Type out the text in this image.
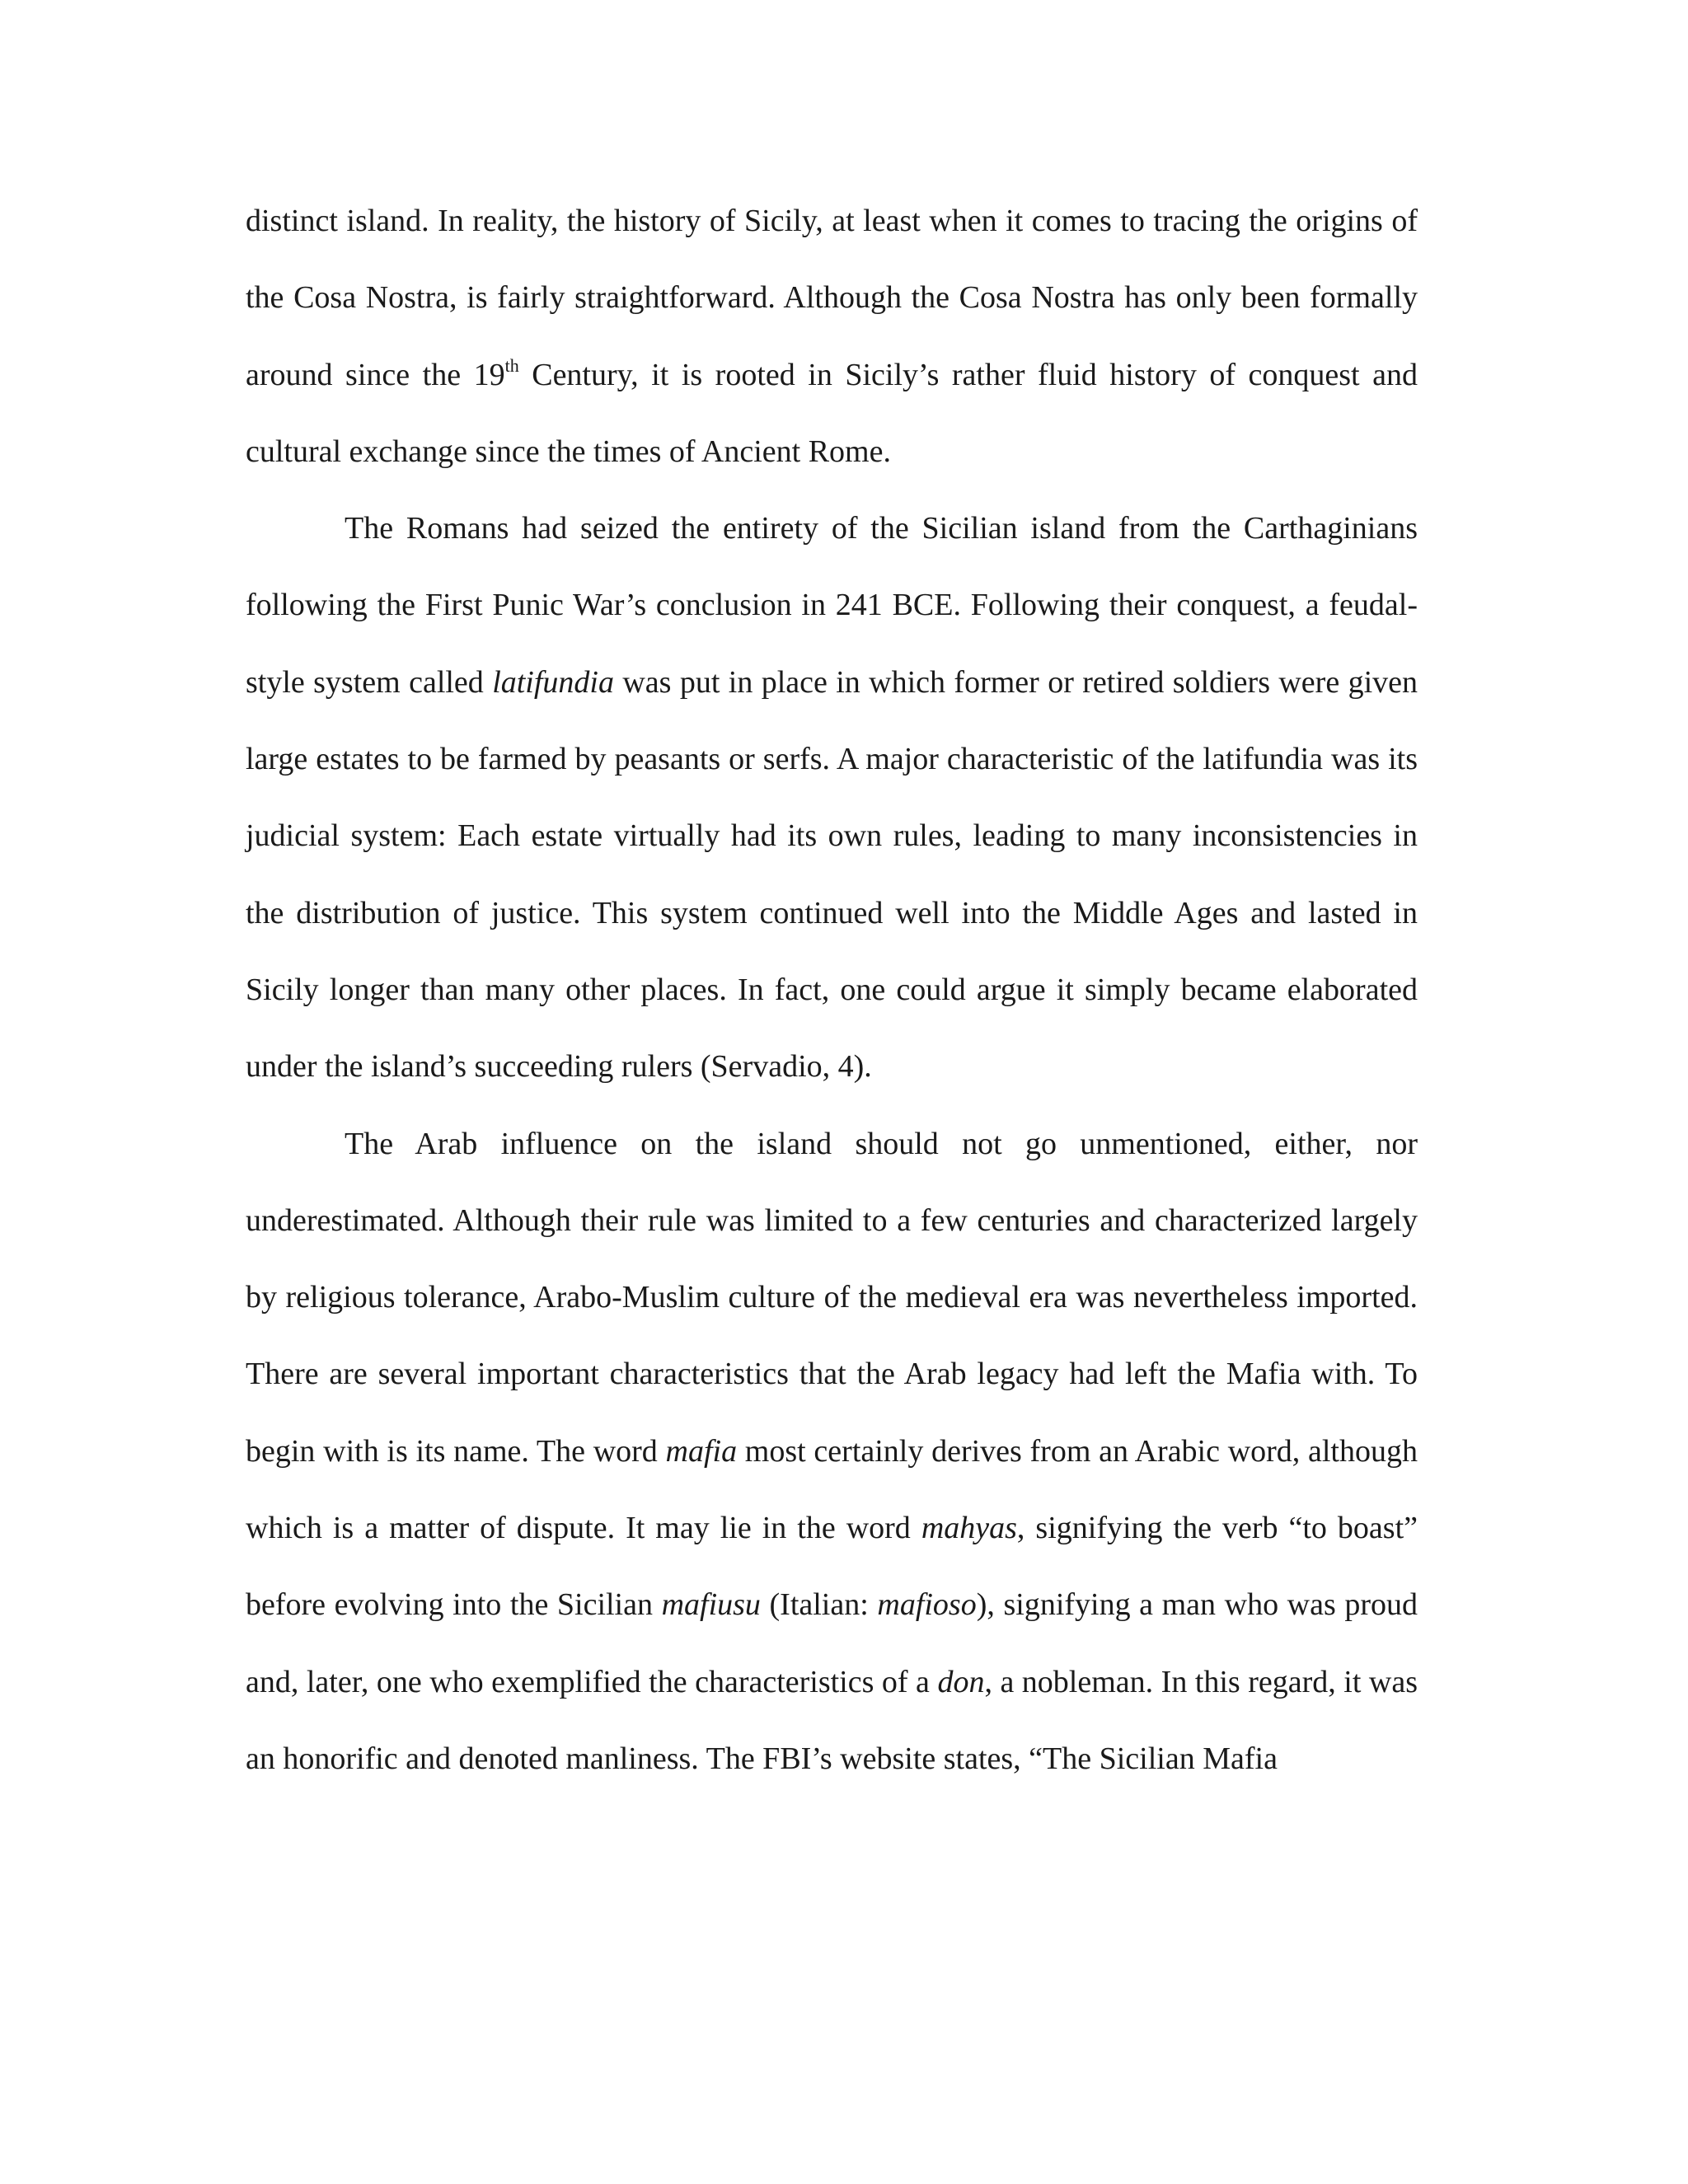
distinct island. In reality, the history of Sicily, at least when it comes to tracing the origins of the Cosa Nostra, is fairly straightforward. Although the Cosa Nostra has only been formally around since the 19th Century, it is rooted in Sicily’s rather fluid history of conquest and cultural exchange since the times of Ancient Rome.

The Romans had seized the entirety of the Sicilian island from the Carthaginians following the First Punic War’s conclusion in 241 BCE. Following their conquest, a feudal-style system called latifundia was put in place in which former or retired soldiers were given large estates to be farmed by peasants or serfs. A major characteristic of the latifundia was its judicial system: Each estate virtually had its own rules, leading to many inconsistencies in the distribution of justice. This system continued well into the Middle Ages and lasted in Sicily longer than many other places. In fact, one could argue it simply became elaborated under the island’s succeeding rulers (Servadio, 4).

The Arab influence on the island should not go unmentioned, either, nor underestimated. Although their rule was limited to a few centuries and characterized largely by religious tolerance, Arabo-Muslim culture of the medieval era was nevertheless imported. There are several important characteristics that the Arab legacy had left the Mafia with. To begin with is its name. The word mafia most certainly derives from an Arabic word, although which is a matter of dispute. It may lie in the word mahyas, signifying the verb “to boast” before evolving into the Sicilian mafiusu (Italian: mafioso), signifying a man who was proud and, later, one who exemplified the characteristics of a don, a nobleman. In this regard, it was an honorific and denoted manliness. The FBI’s website states, “The Sicilian Mafia
